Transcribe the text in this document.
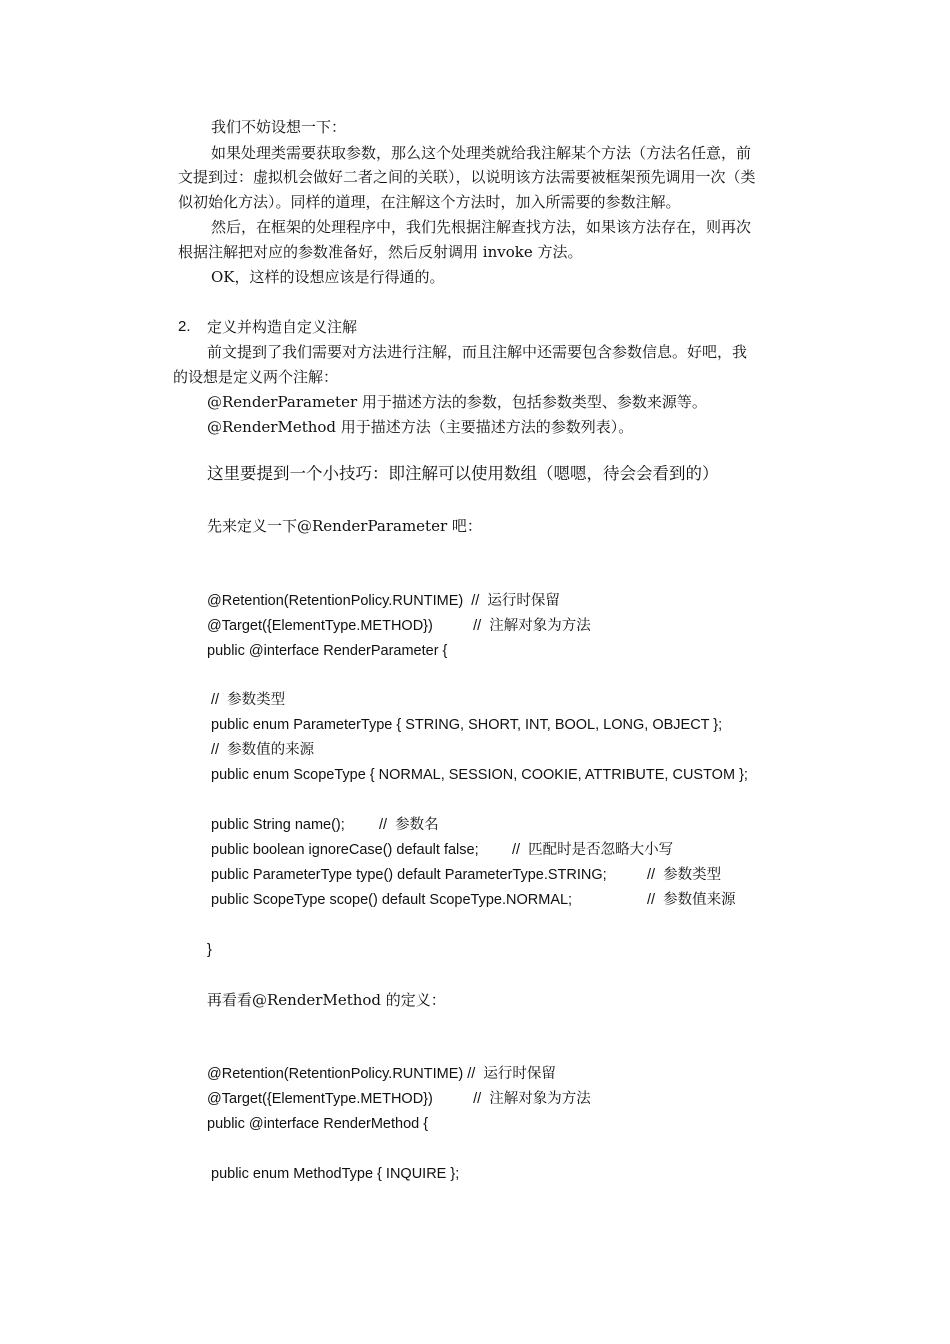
我们不妨设想一下：
如果处理类需要获取参数，那么这个处理类就给我注解某个方法（方法名任意，前
文提到过：虚拟机会做好二者之间的关联），以说明该方法需要被框架预先调用一次（类
似初始化方法）。同样的道理，在注解这个方法时，加入所需要的参数注解。
然后，在框架的处理程序中，我们先根据注解查找方法，如果该方法存在，则再次
根据注解把对应的参数准备好，然后反射调用 invoke 方法。
OK，这样的设想应该是行得通的。
2. 定义并构造自定义注解
前文提到了我们需要对方法进行注解，而且注解中还需要包含参数信息。好吧，我
的设想是定义两个注解：
@RenderParameter 用于描述方法的参数，包括参数类型、参数来源等。
@RenderMethod 用于描述方法（主要描述方法的参数列表）。
这里要提到一个小技巧：即注解可以使用数组（嗯嗯，待会会看到的）
先来定义一下@RenderParameter 吧：
@Retention(RetentionPolicy.RUNTIME)  //  运行时保留
@Target({ElementType.METHOD})          //  注解对象为方法
public @interface RenderParameter {
//  参数类型
public enum ParameterType { STRING, SHORT, INT, BOOL, LONG, OBJECT };
//  参数值的来源
public enum ScopeType { NORMAL, SESSION, COOKIE, ATTRIBUTE, CUSTOM };
public String name(); //  参数名
public boolean ignoreCase() default false; //  匹配时是否忽略大小写
public ParameterType type() default ParameterType.STRING;	//  参数类型
public ScopeType scope() default ScopeType.NORMAL;	//  参数值来源
}
再看看@RenderMethod 的定义：
@Retention(RetentionPolicy.RUNTIME) //  运行时保留
@Target({ElementType.METHOD})          //  注解对象为方法
public @interface RenderMethod {
public enum MethodType { INQUIRE };
